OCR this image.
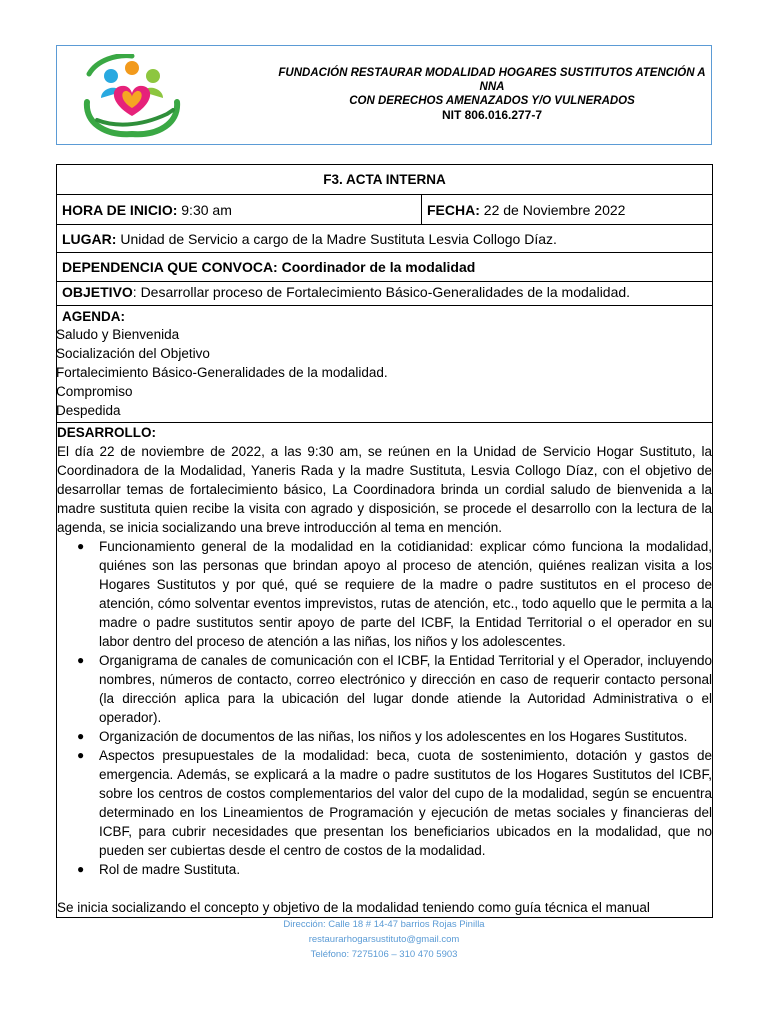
FUNDACIÓN RESTAURAR MODALIDAD HOGARES SUSTITUTOS ATENCIÓN A NNA
CON DERECHOS AMENAZADOS Y/O VULNERADOS
NIT 806.016.277-7
F3. ACTA INTERNA
HORA DE INICIO: 9:30 am	FECHA: 22 de Noviembre 2022
LUGAR: Unidad de Servicio a cargo de la Madre Sustituta Lesvia Collogo Díaz.
DEPENDENCIA QUE CONVOCA: Coordinador de la modalidad
OBJETIVO: Desarrollar proceso de Fortalecimiento Básico-Generalidades de la modalidad.
AGENDA:
Saludo y Bienvenida
Socialización del Objetivo
Fortalecimiento Básico-Generalidades de la modalidad.
Compromiso
Despedida
DESARROLLO:

El día 22 de noviembre de 2022, a las 9:30 am, se reúnen en la Unidad de Servicio Hogar Sustituto, la Coordinadora de la Modalidad, Yaneris Rada y la madre Sustituta, Lesvia Collogo Díaz, con el objetivo de desarrollar temas de fortalecimiento básico, La Coordinadora brinda un cordial saludo de bienvenida a la madre sustituta quien recibe la visita con agrado y disposición, se procede el desarrollo con la lectura de la agenda, se inicia socializando una breve introducción al tema en mención.

● Funcionamiento general de la modalidad en la cotidianidad: explicar cómo funciona la modalidad, quiénes son las personas que brindan apoyo al proceso de atención, quiénes realizan visita a los Hogares Sustitutos y por qué, qué se requiere de la madre o padre sustitutos en el proceso de atención, cómo solventar eventos imprevistos, rutas de atención, etc., todo aquello que le permita a la madre o padre sustitutos sentir apoyo de parte del ICBF, la Entidad Territorial o el operador en su labor dentro del proceso de atención a las niñas, los niños y los adolescentes.
● Organigrama de canales de comunicación con el ICBF, la Entidad Territorial y el Operador, incluyendo nombres, números de contacto, correo electrónico y dirección en caso de requerir contacto personal (la dirección aplica para la ubicación del lugar donde atiende la Autoridad Administrativa o el operador).
● Organización de documentos de las niñas, los niños y los adolescentes en los Hogares Sustitutos.
● Aspectos presupuestales de la modalidad: beca, cuota de sostenimiento, dotación y gastos de emergencia. Además, se explicará a la madre o padre sustitutos de los Hogares Sustitutos del ICBF, sobre los centros de costos complementarios del valor del cupo de la modalidad, según se encuentra determinado en los Lineamientos de Programación y ejecución de metas sociales y financieras del ICBF, para cubrir necesidades que presentan los beneficiarios ubicados en la modalidad, que no pueden ser cubiertas desde el centro de costos de la modalidad.
● Rol de madre Sustituta.

Se inicia socializando el concepto y objetivo de la modalidad teniendo como guía técnica el manual

Dirección: Calle 18 # 14-47 barrios Rojas Pinilla
restaurarhogarsustituto@gmail.com
Teléfono: 7275106 – 310 470 5903
